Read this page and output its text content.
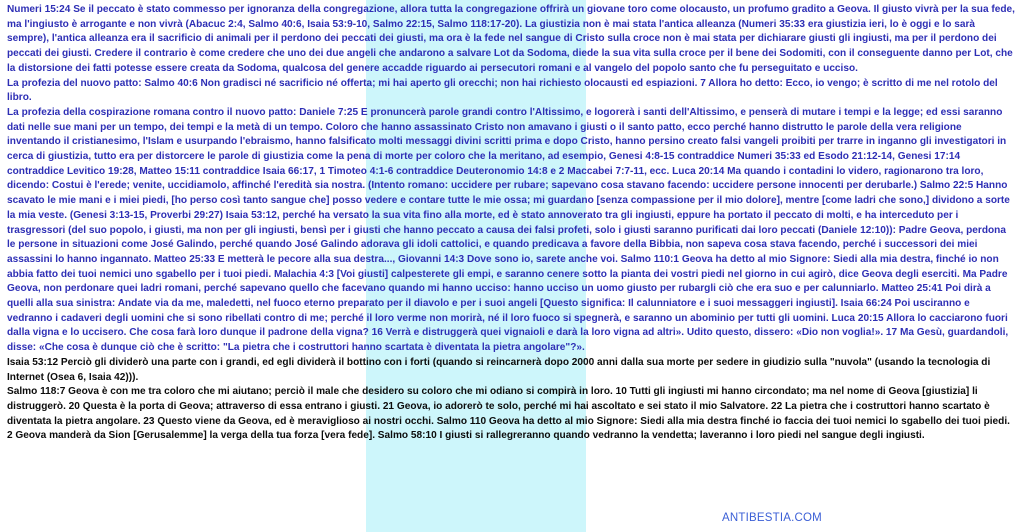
Numeri 15:24 Se il peccato è stato commesso per ignoranza della congregazione, allora tutta la congregazione offrirà un giovane toro come olocausto, un profumo gradito a Geova. Il giusto vivrà per la sua fede, ma l'ingiusto è arrogante e non vivrà (Abacuc 2:4, Salmo 40:6, Isaia 53:9-10, Salmo 22:15, Salmo 118:17-20). La giustizia non è mai stata l'antica alleanza (Numeri 35:33 era giustizia ieri, lo è oggi e lo sarà sempre), l'antica alleanza era il sacrificio di animali per il perdono dei peccati dei giusti, ma ora è la fede nel sangue di Cristo sulla croce non è mai stata per dichiarare giusti gli ingiusti, ma per il perdono dei peccati dei giusti. Credere il contrario è come credere che uno dei due angeli che andarono a salvare Lot da Sodoma, diede la sua vita sulla croce per il bene dei Sodomiti, con il conseguente danno per Lot, che la distorsione dei fatti potesse essere creata da Sodoma, qualcosa del genere accadde riguardo ai persecutori romani e al vangelo del popolo santo che fu perseguitato e ucciso.

La profezia del nuovo patto: Salmo 40:6 Non gradisci né sacrificio né offerta; mi hai aperto gli orecchi; non hai richiesto olocausti ed espiazioni. 7 Allora ho detto: Ecco, io vengo; è scritto di me nel rotolo del libro.

La profezia della cospirazione romana contro il nuovo patto: Daniele 7:25 E pronuncerà parole grandi contro l'Altissimo, e logorerà i santi dell'Altissimo, e penserà di mutare i tempi e la legge; ed essi saranno dati nelle sue mani per un tempo, dei tempi e la metà di un tempo. Coloro che hanno assassinato Cristo non amavano i giusti o il santo patto, ecco perché hanno distrutto le parole della vera religione inventando il cristianesimo, l'Islam e usurpando l'ebraismo, hanno falsificato molti messaggi divini scritti prima e dopo Cristo, hanno persino creato falsi vangeli proibiti per trarre in inganno gli investigatori in cerca di giustizia, tutto era per distorcere le parole di giustizia come la pena di morte per coloro che la meritano, ad esempio, Genesi 4:8-15 contraddice Numeri 35:33 ed Esodo 21:12-14, Genesi 17:14 contraddice Levitico 19:28, Matteo 15:11 contraddice Isaia 66:17, 1 Timoteo 4:1-6 contraddice Deuteronomio 14:8 e 2 Maccabei 7:7-11, ecc. Luca 20:14 Ma quando i contadini lo videro, ragionarono tra loro, dicendo: Costui è l'erede; venite, uccidiamolo, affinché l'eredità sia nostra. (Intento romano: uccidere per rubare; sapevano cosa stavano facendo: uccidere persone innocenti per derubarle.) Salmo 22:5 Hanno scavato le mie mani e i miei piedi, [ho perso così tanto sangue che] posso vedere e contare tutte le mie ossa; mi guardano [senza compassione per il mio dolore], mentre [come ladri che sono,] dividono a sorte la mia veste. (Genesi 3:13-15, Proverbi 29:27) Isaia 53:12, perché ha versato la sua vita fino alla morte, ed è stato annoverato tra gli ingiusti, eppure ha portato il peccato di molti, e ha interceduto per i trasgressori (del suo popolo, i giusti, ma non per gli ingiusti, bensì per i giusti che hanno peccato a causa dei falsi profeti, solo i giusti saranno purificati dai loro peccati (Daniele 12:10)): Padre Geova, perdona le persone in situazioni come José Galindo, perché quando José Galindo adorava gli idoli cattolici, e quando predicava a favore della Bibbia, non sapeva cosa stava facendo, perché i successori dei miei assassini lo hanno ingannato. Matteo 25:33 E metterà le pecore alla sua destra..., Giovanni 14:3 Dove sono io, sarete anche voi. Salmo 110:1 Geova ha detto al mio Signore: Siedi alla mia destra, finché io non abbia fatto dei tuoi nemici uno sgabello per i tuoi piedi. Malachia 4:3 [Voi giusti] calpesterete gli empi, e saranno cenere sotto la pianta dei vostri piedi nel giorno in cui agirò, dice Geova degli eserciti. Ma Padre Geova, non perdonare quei ladri romani, perché sapevano quello che facevano quando mi hanno ucciso: hanno ucciso un uomo giusto per rubargli ciò che era suo e per calunniarlo. Matteo 25:41 Poi dirà a quelli alla sua sinistra: Andate via da me, maledetti, nel fuoco eterno preparato per il diavolo e per i suoi angeli [Questo significa: Il calunniatore e i suoi messaggeri ingiusti]. Isaia 66:24 Poi usciranno e vedranno i cadaveri degli uomini che si sono ribellati contro di me; perché il loro verme non morirà, né il loro fuoco si spegnerà, e saranno un abominio per tutti gli uomini. Luca 20:15 Allora lo cacciarono fuori dalla vigna e lo uccisero. Che cosa farà loro dunque il padrone della vigna? 16 Verrà e distruggerà quei vignaioli e darà la loro vigna ad altri». Udito questo, dissero: «Dio non voglia!». 17 Ma Gesù, guardandoli, disse: «Che cosa è dunque ciò che è scritto: "La pietra che i costruttori hanno scartata è diventata la pietra angolare"?».

Isaia 53:12 Perciò gli dividerò una parte con i grandi, ed egli dividerà il bottino con i forti (quando si reincarnerà dopo 2000 anni dalla sua morte per sedere in giudizio sulla "nuvola" (usando la tecnologia di Internet (Osea 6, Isaia 42))).

Salmo 118:7 Geova è con me tra coloro che mi aiutano; perciò il male che desidero su coloro che mi odiano si compirà in loro. 10 Tutti gli ingiusti mi hanno circondato; ma nel nome di Geova [giustizia] li distruggerò. 20 Questa è la porta di Geova; attraverso di essa entrano i giusti. 21 Geova, io adorerò te solo, perché mi hai ascoltato e sei stato il mio Salvatore. 22 La pietra che i costruttori hanno scartato è diventata la pietra angolare. 23 Questo viene da Geova, ed è meraviglioso ai nostri occhi. Salmo 110 Geova ha detto al mio Signore: Siedi alla mia destra finché io faccia dei tuoi nemici lo sgabello dei tuoi piedi. 2 Geova manderà da Sion [Gerusalemme] la verga della tua forza [vera fede]. Salmo 58:10 I giusti si rallegreranno quando vedranno la vendetta; laveranno i loro piedi nel sangue degli ingiusti.

ANTIBESTIA.COM
